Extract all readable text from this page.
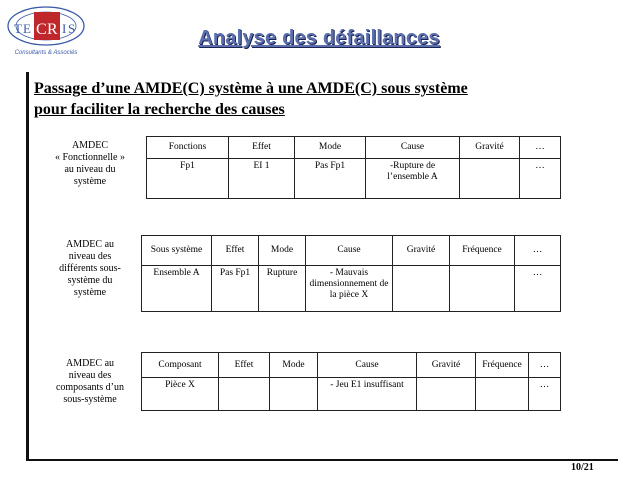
T E C R I S
Consultants & Associés
Analyse des défaillances
Passage d’une AMDE(C) système à une AMDE(C) sous système
pour faciliter la recherche des causes
AMDEC
« Fonctionnelle »
au niveau du
système
Fonctions	Effet	Mode	Cause	Gravité	…
Fp1	EI 1	Pas Fp1	-Rupture de l’ensemble A		…
AMDEC au
niveau des
différents sous-
système du
système
Sous système	Effet	Mode	Cause	Gravité	Fréquence	…
Ensemble A	Pas Fp1	Rupture	- Mauvais dimensionnement de la pièce X			…
AMDEC au
niveau des
composants d’un
sous-système
Composant	Effet	Mode	Cause	Gravité	Fréquence	…
Pièce X			- Jeu E1 insuffisant			…
10/21
